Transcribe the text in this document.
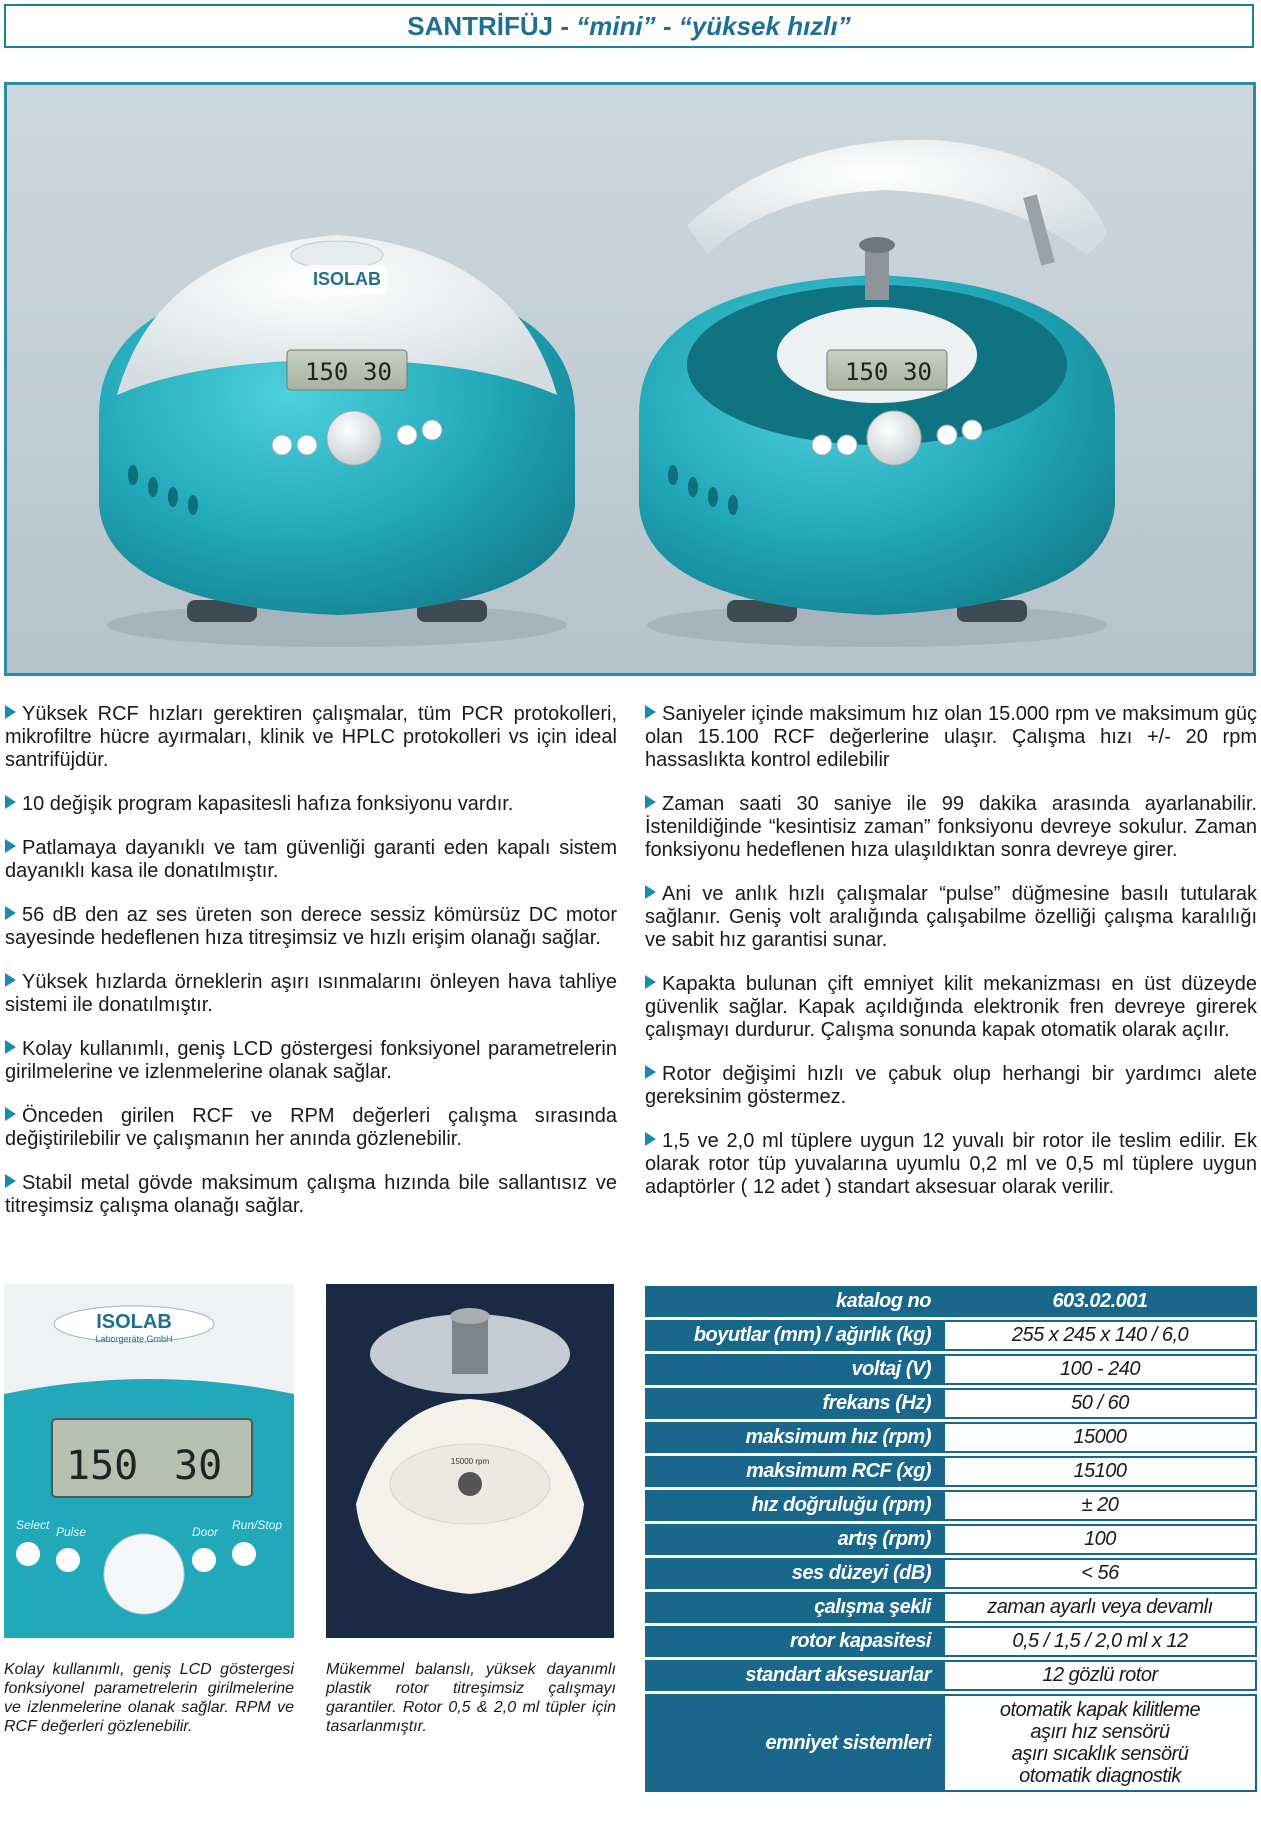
SANTRİFÜJ - “mini” - “yüksek hızlı”
ISOLAB
150 30	150 30

Yüksek RCF hızları gerektiren çalışmalar, tüm PCR protokolleri, mikrofiltre hücre ayırmaları, klinik ve HPLC protokolleri vs için ideal santrifüjdür.

10 değişik program kapasitesli hafıza fonksiyonu vardır.

Patlamaya dayanıklı ve tam güvenliği garanti eden kapalı sistem dayanıklı kasa ile donatılmıştır.

56 dB den az ses üreten son derece sessiz kömürsüz DC motor sayesinde hedeflenen hıza titreşimsiz ve hızlı erişim olanağı sağlar.

Yüksek hızlarda örneklerin aşırı ısınmalarını önleyen hava tahliye sistemi ile donatılmıştır.

Kolay kullanımlı, geniş LCD göstergesi fonksiyonel parametrelerin girilmelerine ve izlenmelerine olanak sağlar.

Önceden girilen RCF ve RPM değerleri çalışma sırasında değiştirilebilir ve çalışmanın her anında gözlenebilir.

Stabil metal gövde maksimum çalışma hızında bile sallantısız ve titreşimsiz çalışma olanağı sağlar.

Saniyeler içinde maksimum hız olan 15.000 rpm ve maksimum güç olan 15.100 RCF değerlerine ulaşır. Çalışma hızı +/- 20 rpm hassaslıkta kontrol edilebilir

Zaman saati 30 saniye ile 99 dakika arasında ayarlanabilir. İstenildiğinde “kesintisiz zaman” fonksiyonu devreye sokulur. Zaman fonksiyonu hedeflenen hıza ulaşıldıktan sonra devreye girer.

Ani ve anlık hızlı çalışmalar “pulse” düğmesine basılı tutularak sağlanır. Geniş volt aralığında çalışabilme özelliği çalışma karalılığı ve sabit hız garantisi sunar.

Kapakta bulunan çift emniyet kilit mekanizması en üst düzeyde güvenlik sağlar. Kapak açıldığında elektronik fren devreye girerek çalışmayı durdurur. Çalışma sonunda kapak otomatik olarak açılır.

Rotor değişimi hızlı ve çabuk olup herhangi bir yardımcı alete gereksinim göstermez.

1,5 ve 2,0 ml tüplere uygun 12 yuvalı bir rotor ile teslim edilir. Ek olarak rotor tüp yuvalarına uyumlu 0,2 ml ve 0,5 ml tüplere uygun adaptörler ( 12 adet ) standart aksesuar olarak verilir.

ISOLAB
Laborgeräte GmbH
150 30
Select Pulse	Door Run/Stop
15000 rpm
Kolay kullanımlı, geniş LCD göstergesi fonksiyonel parametrelerin girilmelerine ve izlenmelerine olanak sağlar. RPM ve RCF değerleri gözlenebilir.
Mükemmel balanslı, yüksek dayanımlı plastik rotor titreşimsiz çalışmayı garantiler. Rotor 0,5 & 2,0 ml tüpler için tasarlanmıştır.
katalog no	603.02.001
boyutlar (mm) / ağırlık (kg)	255 x 245 x 140 / 6,0
voltaj (V)	100 - 240
frekans (Hz)	50 / 60
maksimum hız (rpm)	15000
maksimum RCF (xg)	15100
hız doğruluğu (rpm)	± 20
artış (rpm)	100
ses düzeyi (dB)	< 56
çalışma şekli	zaman ayarlı veya devamlı
rotor kapasitesi	0,5 / 1,5 / 2,0 ml x 12
standart aksesuarlar	12 gözlü rotor
emniyet sistemleri	otomatik kapak kilitleme
aşırı hız sensörü
aşırı sıcaklık sensörü
otomatik diagnostik
